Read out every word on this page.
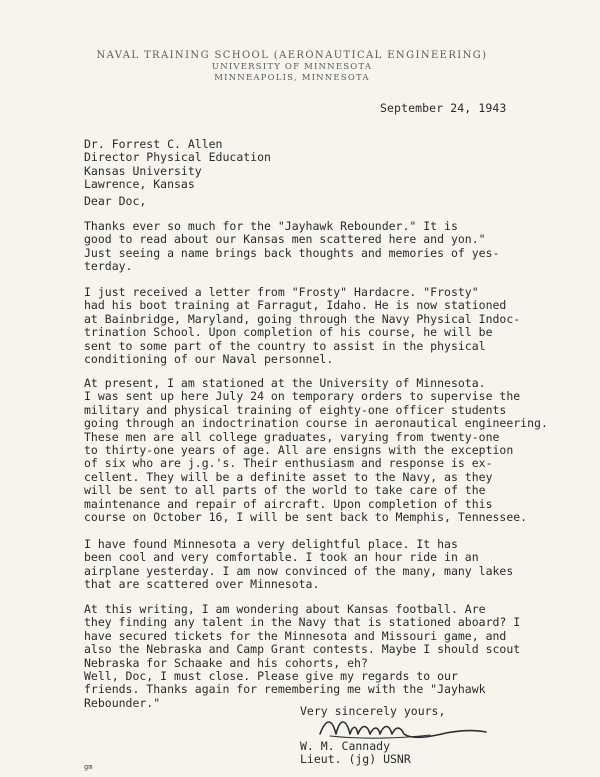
NAVAL TRAINING SCHOOL (AERONAUTICAL ENGINEERING)
UNIVERSITY OF MINNESOTA
MINNEAPOLIS, MINNESOTA
September 24, 1943
Dr. Forrest C. Allen
Director Physical Education
Kansas University
Lawrence, Kansas
Dear Doc,
Thanks ever so much for the "Jayhawk Rebounder." It is
good to read about our Kansas men scattered here and yon."
Just seeing a name brings back thoughts and memories of yes-
terday.
I just received a letter from "Frosty" Hardacre. "Frosty"
had his boot training at Farragut, Idaho. He is now stationed
at Bainbridge, Maryland, going through the Navy Physical Indoc-
trination School. Upon completion of his course, he will be
sent to some part of the country to assist in the physical
conditioning of our Naval personnel.
At present, I am stationed at the University of Minnesota.
I was sent up here July 24 on temporary orders to supervise the
military and physical training of eighty-one officer students
going through an indoctrination course in aeronautical engineering.
These men are all college graduates, varying from twenty-one
to thirty-one years of age. All are ensigns with the exception
of six who are j.g.'s. Their enthusiasm and response is ex-
cellent. They will be a definite asset to the Navy, as they
will be sent to all parts of the world to take care of the
maintenance and repair of aircraft. Upon completion of this
course on October 16, I will be sent back to Memphis, Tennessee.
I have found Minnesota a very delightful place. It has
been cool and very comfortable. I took an hour ride in an
airplane yesterday. I am now convinced of the many, many lakes
that are scattered over Minnesota.
At this writing, I am wondering about Kansas football. Are
they finding any talent in the Navy that is stationed aboard? I
have secured tickets for the Minnesota and Missouri game, and
also the Nebraska and Camp Grant contests. Maybe I should scout
Nebraska for Schaake and his cohorts, eh?
Well, Doc, I must close. Please give my regards to our
friends. Thanks again for remembering me with the "Jayhawk
Rebounder."
Very sincerely yours,
W. M. Cannady
Lieut. (jg) USNR
gm
